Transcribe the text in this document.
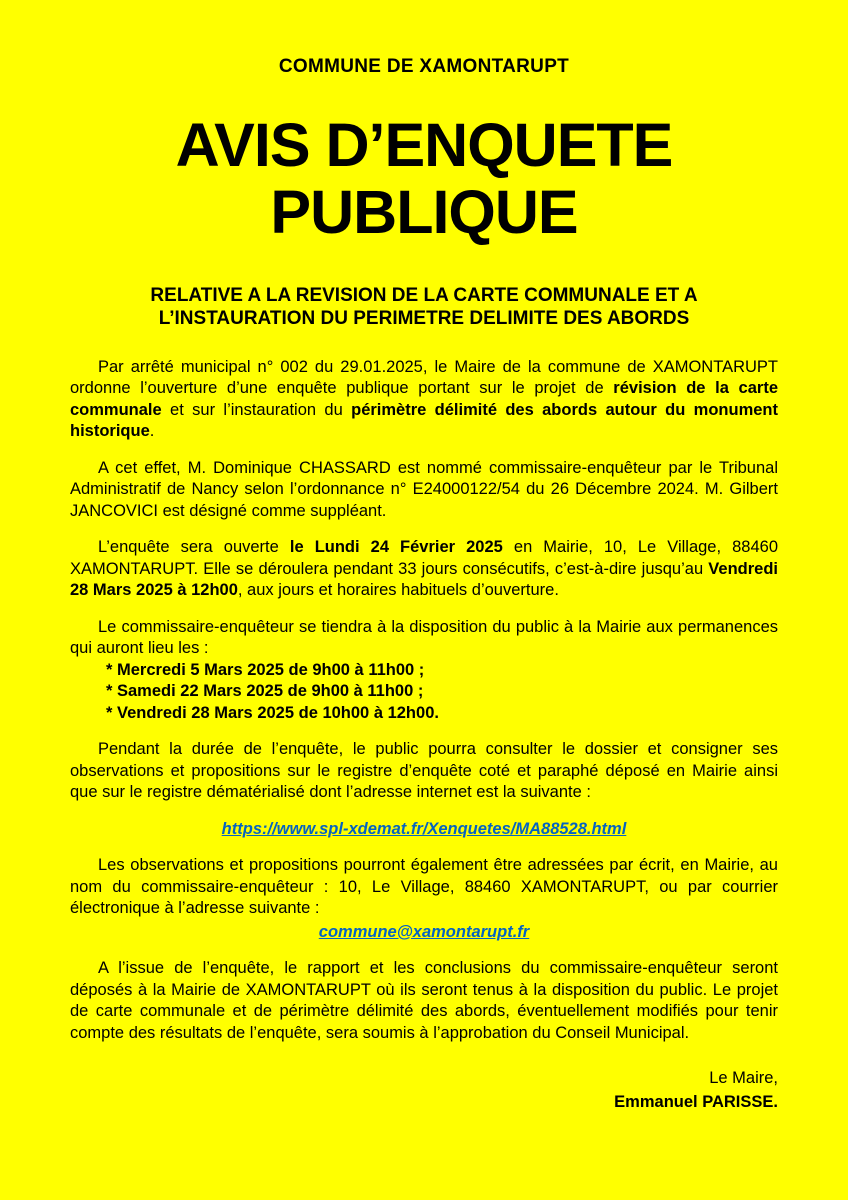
COMMUNE DE XAMONTARUPT
AVIS D’ENQUETE
PUBLIQUE
RELATIVE A LA REVISION DE LA CARTE COMMUNALE ET A
L’INSTAURATION DU PERIMETRE DELIMITE DES ABORDS

Par arrêté municipal n° 002 du 29.01.2025, le Maire de la commune de XAMONTARUPT ordonne l’ouverture d’une enquête publique portant sur le projet de révision de la carte communale et sur l’instauration du périmètre délimité des abords autour du monument historique.

A cet effet, M. Dominique CHASSARD est nommé commissaire-enquêteur par le Tribunal Administratif de Nancy selon l’ordonnance n° E24000122/54 du 26 Décembre 2024. M. Gilbert JANCOVICI est désigné comme suppléant.

L’enquête sera ouverte le Lundi 24 Février 2025 en Mairie, 10, Le Village, 88460 XAMONTARUPT. Elle se déroulera pendant 33 jours consécutifs, c’est-à-dire jusqu’au Vendredi 28 Mars 2025 à 12h00, aux jours et horaires habituels d’ouverture.

Le commissaire-enquêteur se tiendra à la disposition du public à la Mairie aux permanences qui auront lieu les :

* Mercredi 5 Mars 2025 de 9h00 à 11h00 ;

* Samedi 22 Mars 2025 de 9h00 à 11h00 ;

* Vendredi 28 Mars 2025 de 10h00 à 12h00.

Pendant la durée de l’enquête, le public pourra consulter le dossier et consigner ses observations et propositions sur le registre d’enquête coté et paraphé déposé en Mairie ainsi que sur le registre dématérialisé dont l’adresse internet est la suivante :

https://www.spl-xdemat.fr/Xenquetes/MA88528.html

Les observations et propositions pourront également être adressées par écrit, en Mairie, au nom du commissaire-enquêteur : 10, Le Village, 88460 XAMONTARUPT, ou par courrier électronique à l’adresse suivante :

commune@xamontarupt.fr

A l’issue de l’enquête, le rapport et les conclusions du commissaire-enquêteur seront déposés à la Mairie de XAMONTARUPT où ils seront tenus à la disposition du public. Le projet de carte communale et de périmètre délimité des abords, éventuellement modifiés pour tenir compte des résultats de l’enquête, sera soumis à l’approbation du Conseil Municipal.

Le Maire,
Emmanuel PARISSE.
